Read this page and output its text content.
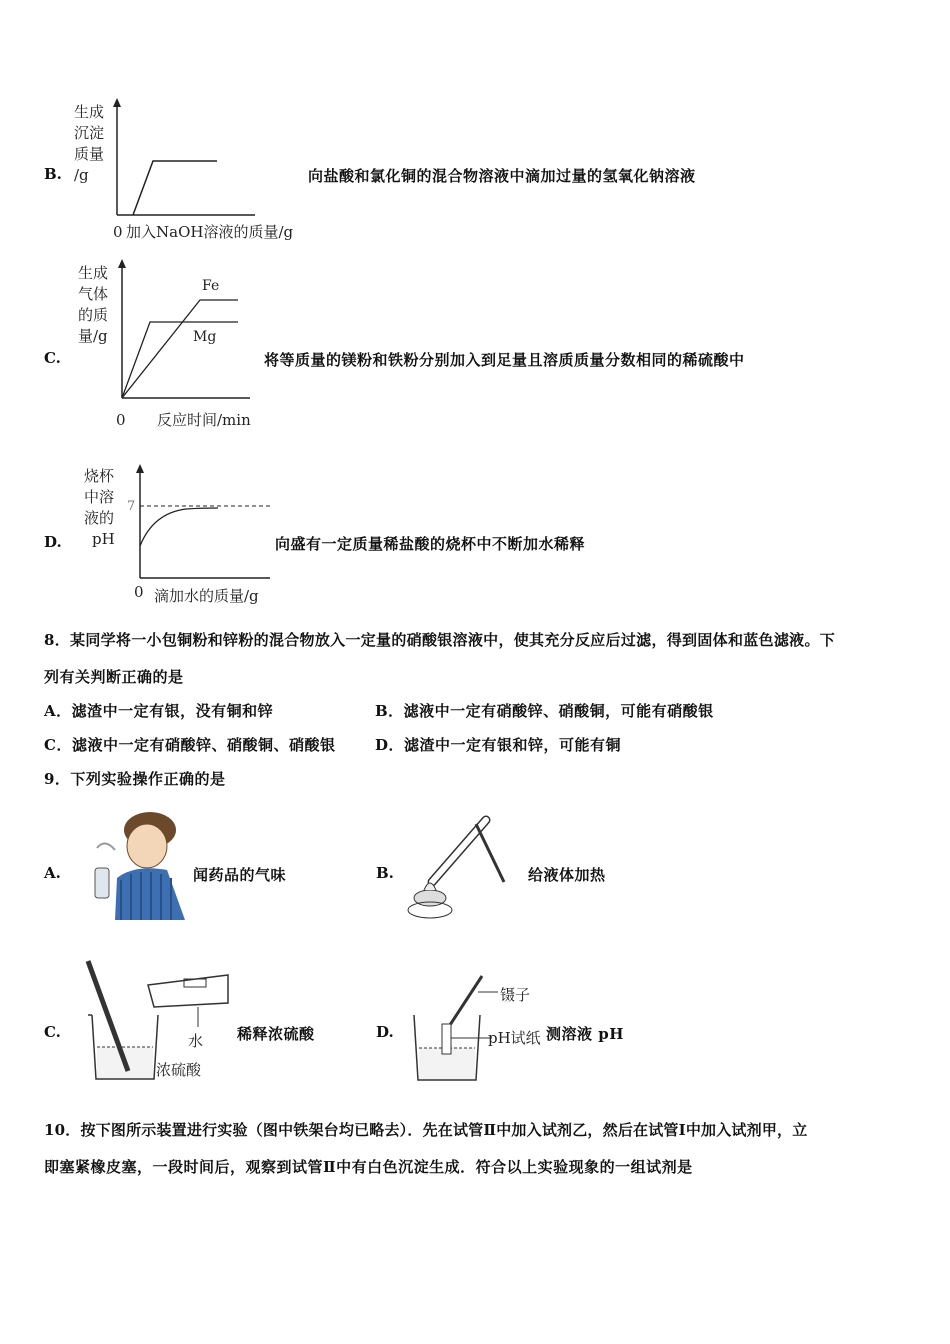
B.
生成
沉淀
质量
/g
0 加入NaOH溶液的质量/g
向盐酸和氯化铜的混合物溶液中滴加过量的氢氧化钠溶液
C.
生成
气体
的质
量/g
Fe
Mg
0 反应时间/min
将等质量的镁粉和铁粉分别加入到足量且溶质质量分数相同的稀硫酸中
D.
烧杯
中溶
液的
pH
7
0 滴加水的质量/g
向盛有一定质量稀盐酸的烧杯中不断加水稀释
8．某同学将一小包铜粉和锌粉的混合物放入一定量的硝酸银溶液中，使其充分反应后过滤，得到固体和蓝色滤液。下
列有关判断正确的是
A．滤渣中一定有银，没有铜和锌	B．滤液中一定有硝酸锌、硝酸铜，可能有硝酸银
C．滤液中一定有硝酸锌、硝酸铜、硝酸银	D．滤渣中一定有银和锌，可能有铜
9．下列实验操作正确的是
A.	闻药品的气味	B.	给液体加热
C.	水
浓硫酸
稀释浓硫酸	D.
镊子
pH试纸 测溶液 pH
10．按下图所示装置进行实验（图中铁架台均已略去）．先在试管Ⅱ中加入试剂乙，然后在试管Ⅰ中加入试剂甲，立
即塞紧橡皮塞，一段时间后，观察到试管Ⅱ中有白色沉淀生成．符合以上实验现象的一组试剂是
